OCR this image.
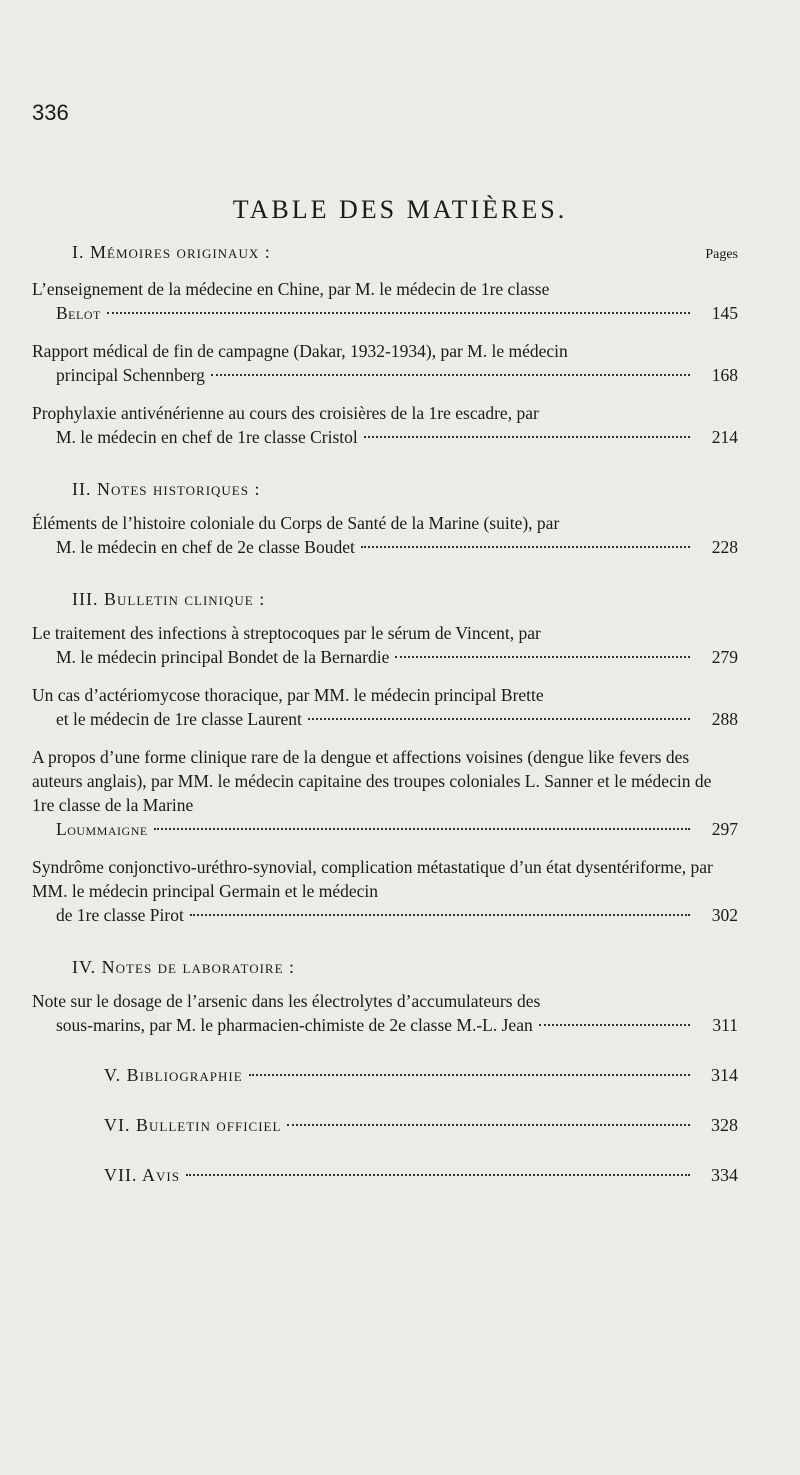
336
TABLE DES MATIÈRES.
I. Mémoires originaux :	Pages
L’enseignement de la médecine en Chine, par M. le médecin de 1re classe
Belot	145
Rapport médical de fin de campagne (Dakar, 1932-1934), par M. le médecin
principal Schennberg	168
Prophylaxie antivénérienne au cours des croisières de la 1re escadre, par
M. le médecin en chef de 1re classe Cristol	214
II. Notes historiques :
Éléments de l’histoire coloniale du Corps de Santé de la Marine (suite), par
M. le médecin en chef de 2e classe Boudet	228
III. Bulletin clinique :
Le traitement des infections à streptocoques par le sérum de Vincent, par
M. le médecin principal Bondet de la Bernardie	279
Un cas d’actériomycose thoracique, par MM. le médecin principal Brette
et le médecin de 1re classe Laurent	288
A propos d’une forme clinique rare de la dengue et affections voisines (dengue like fevers des auteurs anglais), par MM. le médecin capitaine des troupes coloniales L. Sanner et le médecin de 1re classe de la Marine
Loummaigne	297
Syndrôme conjonctivo-uréthro-synovial, complication métastatique d’un état dysentériforme, par MM. le médecin principal Germain et le médecin
de 1re classe Pirot	302
IV. Notes de laboratoire :
Note sur le dosage de l’arsenic dans les électrolytes d’accumulateurs des
sous-marins, par M. le pharmacien-chimiste de 2e classe M.-L. Jean	311
V. Bibliographie	314
VI. Bulletin officiel	328
VII. Avis	334
